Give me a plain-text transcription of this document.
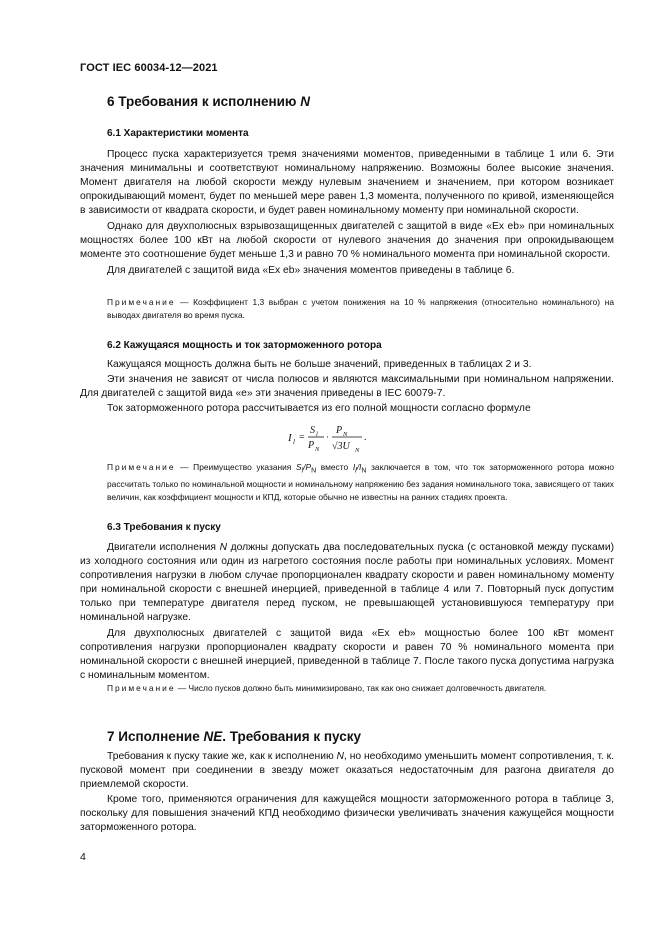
ГОСТ IEC 60034-12—2021
6 Требования к исполнению N
6.1 Характеристики момента

Процесс пуска характеризуется тремя значениями моментов, приведенными в таблице 1 или 6. Эти значения минимальны и соответствуют номинальному напряжению. Возможны более высокие значения. Момент двигателя на любой скорости между нулевым значением и значением, при котором возникает опрокидывающий момент, будет по меньшей мере равен 1,3 момента, полученного по кривой, изменяющейся в зависимости от квадрата скорости, и будет равен номинальному моменту при номинальной скорости.

Однако для двухполюсных взрывозащищенных двигателей с защитой в виде «Ex eb» при номинальных мощностях более 100 кВт на любой скорости от нулевого значения до значения при опрокидывающем моменте это соотношение будет меньше 1,3 и равно 70 % номинального момента при номинальной скорости.

Для двигателей с защитой вида «Ex eb» значения моментов приведены в таблице 6.

Примечание — Коэффициент 1,3 выбран с учетом понижения на 10 % напряжения (относительно номинального) на выводах двигателя во время пуска.
6.2 Кажущаяся мощность и ток заторможенного ротора

Кажущаяся мощность должна быть не больше значений, приведенных в таблицах 2 и 3.

Эти значения не зависят от числа полюсов и являются максимальными при номинальном напряжении. Для двигателей с защитой вида «е» эти значения приведены в IEC 60079-7.

Ток заторможенного ротора рассчитывается из его полной мощности согласно формуле

I l =
S l
P N
·
P N
√3U N
.
Примечание — Преимущество указания $S_l/P_N$ вместо $I_l/I_N$ заключается в том, что ток заторможенного ротора можно рассчитать только по номинальной мощности и номинальному напряжению без задания номинального тока, зависящего от таких величин, как коэффициент мощности и КПД, которые обычно не известны на ранних стадиях проекта.
6.3 Требования к пуску

Двигатели исполнения N должны допускать два последовательных пуска (с остановкой между пусками) из холодного состояния или один из нагретого состояния после работы при номинальных условиях. Момент сопротивления нагрузки в любом случае пропорционален квадрату скорости и равен номинальному моменту при номинальной скорости с внешней инерцией, приведенной в таблице 4 или 7. Повторный пуск допустим только при температуре двигателя перед пуском, не превышающей установившуюся температуру при номинальной нагрузке.

Для двухполюсных двигателей с защитой вида «Ex eb» мощностью более 100 кВт момент сопротивления нагрузки пропорционален квадрату скорости и равен 70 % номинального момента при номинальной скорости с внешней инерцией, приведенной в таблице 7. После такого пуска допустима нагрузка с номинальным моментом.

Примечание — Число пусков должно быть минимизировано, так как оно снижает долговечность двигателя.
7 Исполнение NE. Требования к пуску

Требования к пуску такие же, как к исполнению N, но необходимо уменьшить момент сопротивления, т. к. пусковой момент при соединении в звезду может оказаться недостаточным для разгона двигателя до приемлемой скорости.

Кроме того, применяются ограничения для кажущейся мощности заторможенного ротора в таблице 3, поскольку для повышения значений КПД необходимо физически увеличивать значения кажущейся мощности заторможенного ротора.

4
